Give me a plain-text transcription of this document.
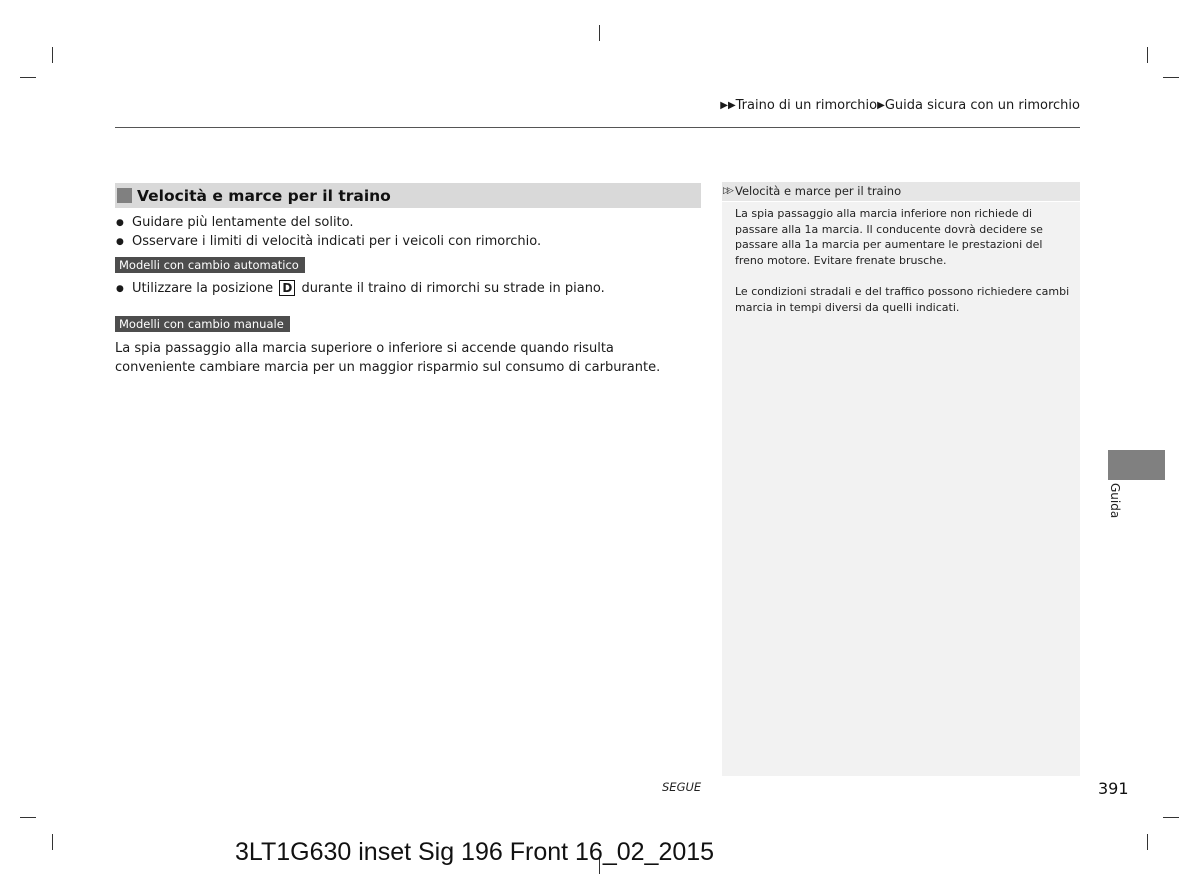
▶▶Traino di un rimorchio▶Guida sicura con un rimorchio
Velocità e marce per il traino
● Guidare più lentamente del solito.
● Osservare i limiti di velocità indicati per i veicoli con rimorchio.
Modelli con cambio automatico
● Utilizzare la posizione D durante il traino di rimorchi su strade in piano.
Modelli con cambio manuale
La spia passaggio alla marcia superiore o inferiore si accende quando risulta conveniente cambiare marcia per un maggior risparmio sul consumo di carburante.
▷▷ Velocità e marce per il traino
La spia passaggio alla marcia inferiore non richiede di passare alla 1a marcia. Il conducente dovrà decidere se passare alla 1a marcia per aumentare le prestazioni del freno motore. Evitare frenate brusche.
Le condizioni stradali e del traffico possono richiedere cambi marcia in tempi diversi da quelli indicati.
Guida
SEGUE	391
3LT1G630 inset Sig 196 Front 16_02_2015
